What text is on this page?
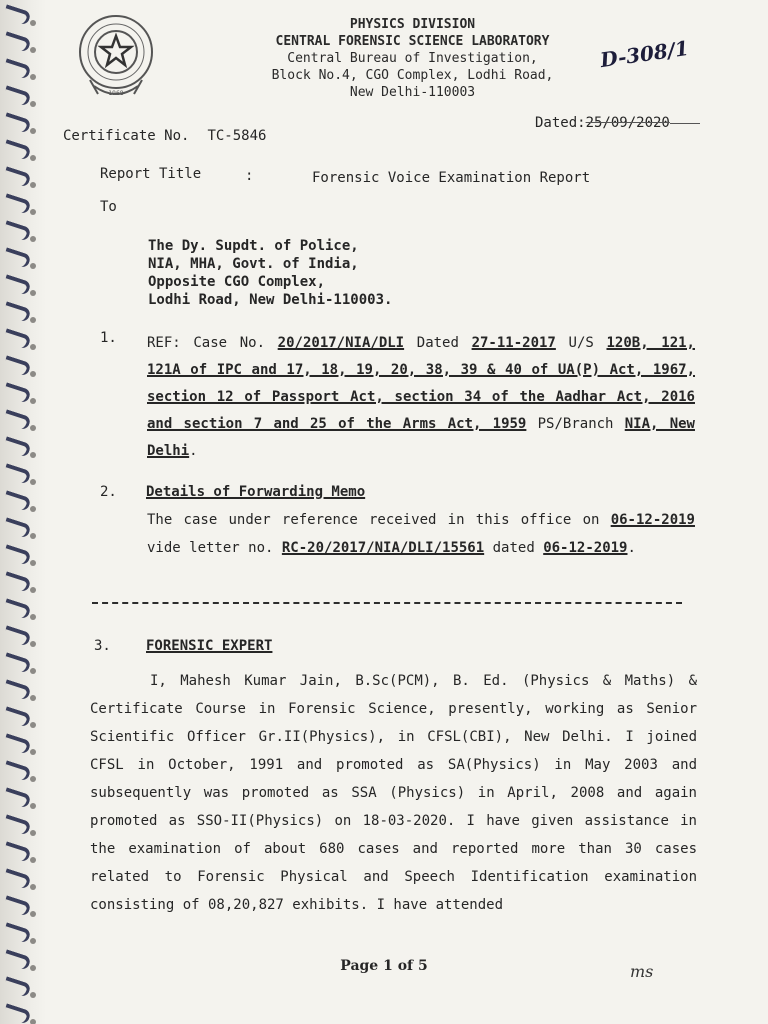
1968
PHYSICS DIVISION
CENTRAL FORENSIC SCIENCE LABORATORY
Central Bureau of Investigation,
Block No.4, CGO Complex, Lodhi Road,
New Delhi-110003
D-308/1
Dated:25/09/2020
Certificate No. TC-5846
Report Title	:	Forensic Voice Examination Report
To
The Dy. Supdt. of Police,
NIA, MHA, Govt. of India,
Opposite CGO Complex,
Lodhi Road, New Delhi-110003.
1. REF: Case No. 20/2017/NIA/DLI Dated 27-11-2017 U/S 120B, 121, 121A of IPC and 17, 18, 19, 20, 38, 39 & 40 of UA(P) Act, 1967, section 12 of Passport Act, section 34 of the Aadhar Act, 2016 and section 7 and 25 of the Arms Act, 1959 PS/Branch NIA, New Delhi.
2. Details of Forwarding Memo
The case under reference received in this office on 06-12-2019 vide letter no. RC-20/2017/NIA/DLI/15561 dated 06-12-2019.
3.	FORENSIC EXPERT
I, Mahesh Kumar Jain, B.Sc(PCM), B. Ed. (Physics & Maths) & Certificate Course in Forensic Science, presently, working as Senior Scientific Officer Gr.II(Physics), in CFSL(CBI), New Delhi. I joined CFSL in October, 1991 and promoted as SA(Physics) in May 2003 and subsequently was promoted as SSA (Physics) in April, 2008 and again promoted as SSO-II(Physics) on 18-03-2020. I have given assistance in the examination of about 680 cases and reported more than 30 cases related to Forensic Physical and Speech Identification examination consisting of 08,20,827 exhibits. I have attended
Page 1 of 5	ms
